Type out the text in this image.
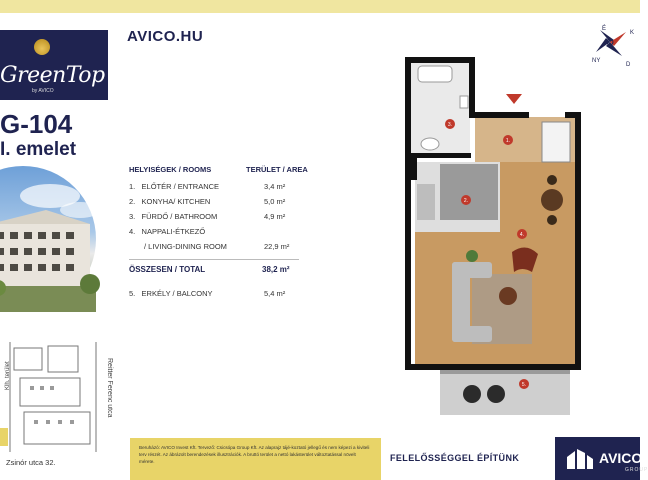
GreenTop
by AVICO
AVICO.HU
G-104
I. emelet
HELYISÉGEK / ROOMS	TERÜLET / AREA
1. ELŐTÉR / ENTRANCE	3,4 m²
2. KONYHA/ KITCHEN	5,0 m²
3. FÜRDŐ / BATHROOM	4,9 m²
4. NAPPALI-ÉTKEZŐ
/ LIVING-DINING ROOM	22,9 m²
ÖSSZESEN / TOTAL	38,2 m²
5. ERKÉLY / BALCONY	5,4 m²
Reitter Ferenc utca
Klh. terület
Zsinór utca 32.
É
K
NY
D
1.
2.
3.
4.
5.
Beruházó: AVICO Invest Kft. Tervező: Csicsópa Group Kft. Az alaprajz tájé-koztató jellegű és nem képezi a kiviteli terv részét. Az ábrázolt berendezések illusztrációk. A bruttó terület a nettó lakásterület változtatással növelt mérete.	FELELŐSSÉGGEL ÉPÍTÜNK	AVICO
GROUP
